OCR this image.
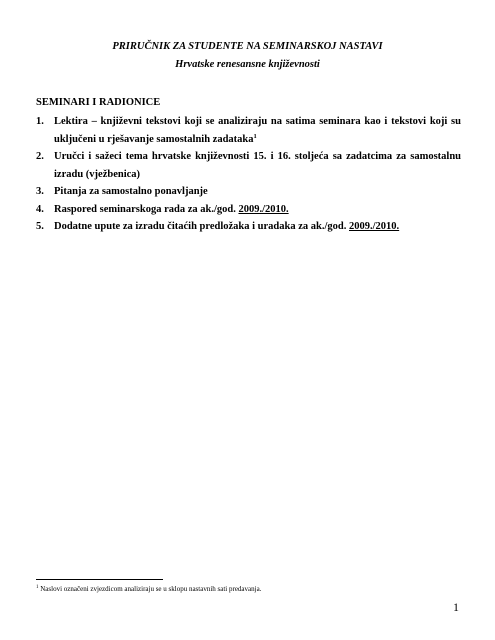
PRIRUČNIK ZA STUDENTE NA SEMINARSKOJ NASTAVI
Hrvatske renesansne književnosti
SEMINARI I RADIONICE
1. Lektira – književni tekstovi koji se analiziraju na satima seminara kao i tekstovi koji su uključeni u rješavanje samostalnih zadataka$^1$
2. Uručci i sažeci tema hrvatske književnosti 15. i 16. stoljeća sa zadatcima za samostalnu izradu (vježbenica)
3. Pitanja za samostalno ponavljanje
4. Raspored seminarskoga rada za ak./god. 2009./2010.
5. Dodatne upute za izradu čitaćih predložaka i uradaka za ak./god. 2009./2010.
$^1$ Naslovi označeni zvjezdicom analiziraju se u sklopu nastavnih sati predavanja.
1
